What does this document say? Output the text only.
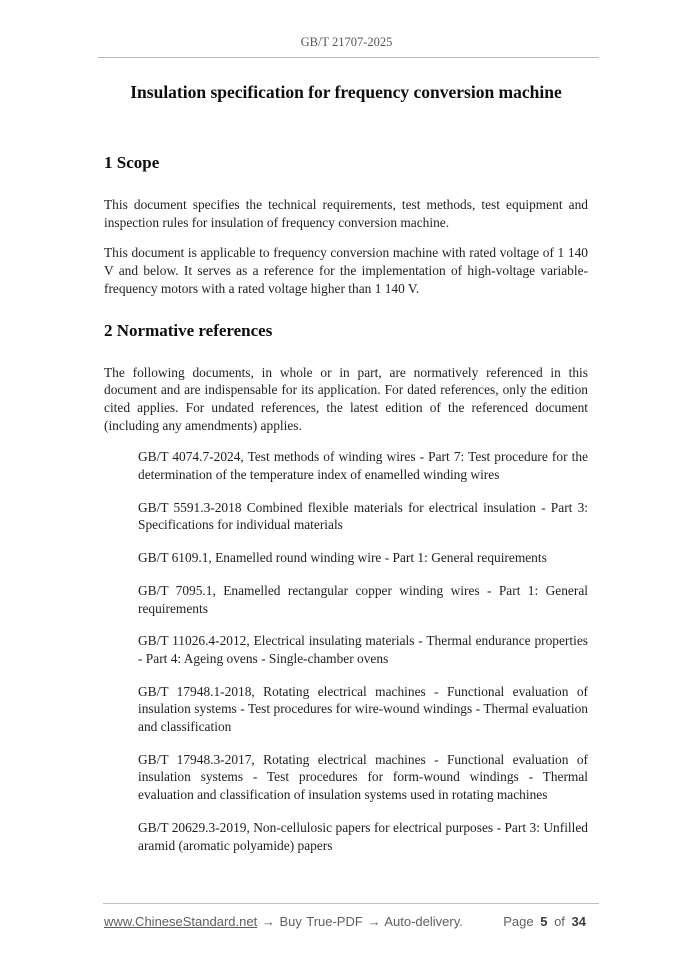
GB/T 21707-2025
Insulation specification for frequency conversion machine
1 Scope

This document specifies the technical requirements, test methods, test equipment and inspection rules for insulation of frequency conversion machine.

This document is applicable to frequency conversion machine with rated voltage of 1 140 V and below. It serves as a reference for the implementation of high-voltage variable-frequency motors with a rated voltage higher than 1 140 V.

2 Normative references

The following documents, in whole or in part, are normatively referenced in this document and are indispensable for its application. For dated references, only the edition cited applies. For undated references, the latest edition of the referenced document (including any amendments) applies.

GB/T 4074.7-2024, Test methods of winding wires - Part 7: Test procedure for the determination of the temperature index of enamelled winding wires

GB/T 5591.3-2018 Combined flexible materials for electrical insulation - Part 3: Specifications for individual materials

GB/T 6109.1, Enamelled round winding wire - Part 1: General requirements

GB/T 7095.1, Enamelled rectangular copper winding wires - Part 1: General requirements

GB/T 11026.4-2012, Electrical insulating materials - Thermal endurance properties - Part 4: Ageing ovens - Single-chamber ovens

GB/T 17948.1-2018, Rotating electrical machines - Functional evaluation of insulation systems - Test procedures for wire-wound windings - Thermal evaluation and classification

GB/T 17948.3-2017, Rotating electrical machines - Functional evaluation of insulation systems - Test procedures for form-wound windings - Thermal evaluation and classification of insulation systems used in rotating machines

GB/T 20629.3-2019, Non-cellulosic papers for electrical purposes - Part 3: Unfilled aramid (aromatic polyamide) papers

www.ChineseStandard.net → Buy True-PDF → Auto-delivery.	Page 5 of 34
